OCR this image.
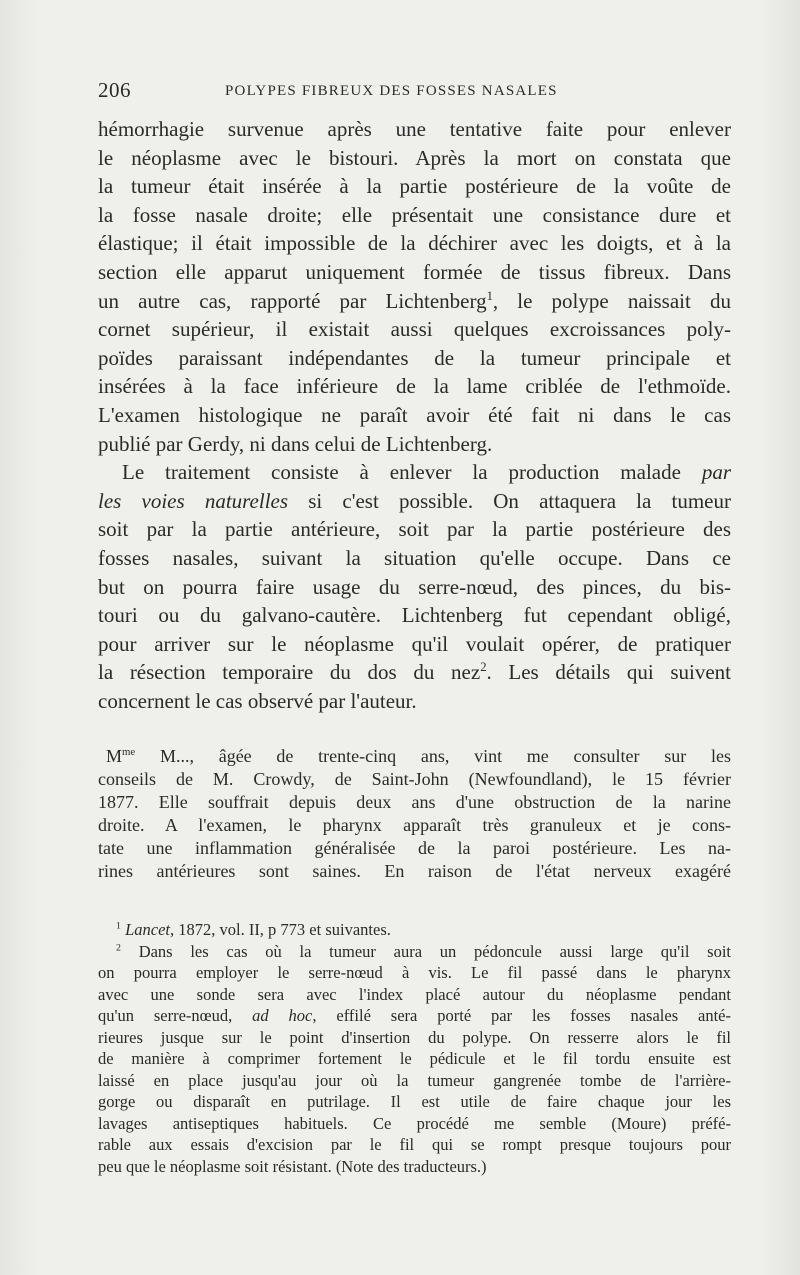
206	POLYPES FIBREUX DES FOSSES NASALES
hémorrhagie survenue après une tentative faite pour enlever
le néoplasme avec le bistouri. Après la mort on constata que
la tumeur était insérée à la partie postérieure de la voûte de
la fosse nasale droite; elle présentait une consistance dure et
élastique; il était impossible de la déchirer avec les doigts, et à la
section elle apparut uniquement formée de tissus fibreux. Dans
un autre cas, rapporté par Lichtenberg$^1$, le polype naissait du
cornet supérieur, il existait aussi quelques excroissances poly-
poïdes paraissant indépendantes de la tumeur principale et
insérées à la face inférieure de la lame criblée de l'ethmoïde.
L'examen histologique ne paraît avoir été fait ni dans le cas
publié par Gerdy, ni dans celui de Lichtenberg.
Le traitement consiste à enlever la production malade par
les voies naturelles si c'est possible. On attaquera la tumeur
soit par la partie antérieure, soit par la partie postérieure des
fosses nasales, suivant la situation qu'elle occupe. Dans ce
but on pourra faire usage du serre-nœud, des pinces, du bis-
touri ou du galvano-cautère. Lichtenberg fut cependant obligé,
pour arriver sur le néoplasme qu'il voulait opérer, de pratiquer
la résection temporaire du dos du nez$^2$. Les détails qui suivent
concernent le cas observé par l'auteur.
$M^{me}$ M..., âgée de trente-cinq ans, vint me consulter sur les
conseils de M. Crowdy, de Saint-John (Newfoundland), le 15 février
1877. Elle souffrait depuis deux ans d'une obstruction de la narine
droite. A l'examen, le pharynx apparaît très granuleux et je cons-
tate une inflammation généralisée de la paroi postérieure. Les na-
rines antérieures sont saines. En raison de l'état nerveux exagéré
$^1$ Lancet, 1872, vol. II, p 773 et suivantes.
$^2$ Dans les cas où la tumeur aura un pédoncule aussi large qu'il soit
on pourra employer le serre-nœud à vis. Le fil passé dans le pharynx
avec une sonde sera avec l'index placé autour du néoplasme pendant
qu'un serre-nœud, ad hoc, effilé sera porté par les fosses nasales anté-
rieures jusque sur le point d'insertion du polype. On resserre alors le fil
de manière à comprimer fortement le pédicule et le fil tordu ensuite est
laissé en place jusqu'au jour où la tumeur gangrenée tombe de l'arrière-
gorge ou disparaît en putrilage. Il est utile de faire chaque jour les
lavages antiseptiques habituels. Ce procédé me semble (Moure) préfé-
rable aux essais d'excision par le fil qui se rompt presque toujours pour
peu que le néoplasme soit résistant. (Note des traducteurs.)
